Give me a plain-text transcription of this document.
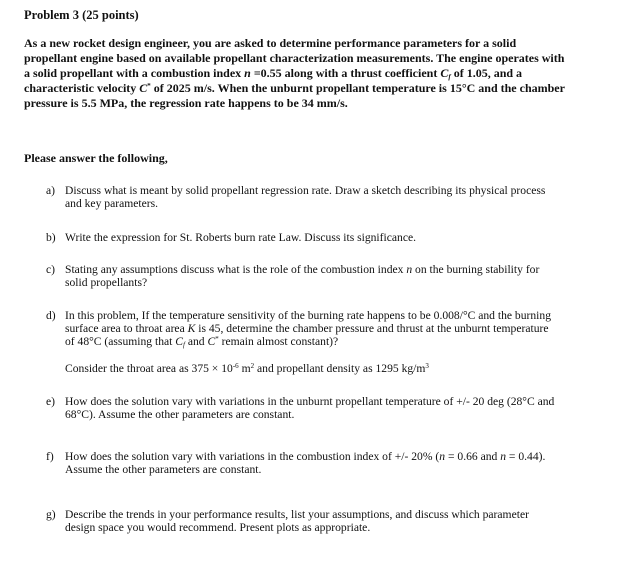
Problem 3 (25 points)
As a new rocket design engineer, you are asked to determine performance parameters for a solid propellant engine based on available propellant characterization measurements. The engine operates with a solid propellant with a combustion index n =0.55 along with a thrust coefficient $C_f$ of 1.05, and a characteristic velocity C* of 2025 m/s. When the unburnt propellant temperature is 15°C and the chamber pressure is 5.5 MPa, the regression rate happens to be 34 mm/s.
Please answer the following,
a) Discuss what is meant by solid propellant regression rate. Draw a sketch describing its physical process and key parameters.
b) Write the expression for St. Roberts burn rate Law. Discuss its significance.
c) Stating any assumptions discuss what is the role of the combustion index n on the burning stability for solid propellants?
d) In this problem, If the temperature sensitivity of the burning rate happens to be 0.008/°C and the burning surface area to throat area K is 45, determine the chamber pressure and thrust at the unburnt temperature of 48°C (assuming that $C_f$ and C* remain almost constant)?
Consider the throat area as $375 \times 10^{-6}$ $m^2$ and propellant density as 1295 $kg/m^3$
e) How does the solution vary with variations in the unburnt propellant temperature of +/- 20 deg (28°C and 68°C). Assume the other parameters are constant.
f) How does the solution vary with variations in the combustion index of +/- 20% (n = 0.66 and n = 0.44). Assume the other parameters are constant.
g) Describe the trends in your performance results, list your assumptions, and discuss which parameter design space you would recommend. Present plots as appropriate.
